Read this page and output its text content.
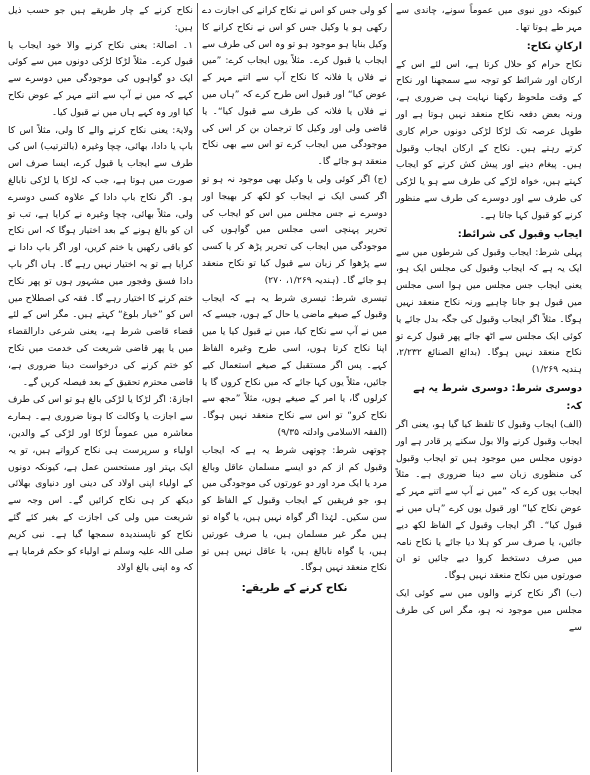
کیونکہ دورِ نبوی میں عموماً سونے، چاندی سے مہر طے ہوتا تھا۔

ارکانِ نکاح:

نکاح حرام کو حلال کرتا ہے، اس لئے اس کے ارکان اور شرائط کو توجہ سے سمجھنا اور نکاح کے وقت ملحوظ رکھنا نہایت ہی ضروری ہے، ورنہ بعض دفعہ نکاح منعقد نہیں ہوتا ہے اور طویل عرصہ تک لڑکا لڑکی دونوں حرام کاری کرتے رہتے ہیں۔ نکاح کے ارکان ایجاب وقبول ہیں۔ پیغام دینے اور پیش کش کرنے کو ایجاب کہتے ہیں، خواہ لڑکے کی طرف سے ہو یا لڑکی کی طرف سے اور دوسرے کی طرف سے منظور کرنے کو قبول کہا جاتا ہے۔

ایجاب وقبول کی شرائط:

پہلی شرط: ایجاب وقبول کی شرطوں میں سے ایک یہ ہے کہ ایجاب وقبول کی مجلس ایک ہو، یعنی ایجاب جس مجلس میں ہوا اسی مجلس میں قبول ہو جانا چاہیے ورنہ نکاح منعقد نہیں ہوگا۔ مثلاً اگر ایجاب وقبول کی جگہ بدل جائے یا کوئی ایک مجلس سے اٹھ جائے پھر قبول کرے تو نکاح منعقد نہیں ہوگا۔ (بدائع الصنائع ۲/۲۳۲، ہندیہ ۱/۲۶۹)

دوسری شرط: دوسری شرط یہ ہے کہ:

(الف) ایجاب وقبول کا تلفظ کیا گیا ہو، یعنی اگر ایجاب وقبول کرنے والا بول سکنے پر قادر ہے اور دونوں مجلس میں موجود ہیں تو ایجاب وقبول کی منظوری زبان سے دینا ضروری ہے۔ مثلاً ایجاب یوں کرے کہ ”میں نے آپ سے اتنے مہر کے عوض نکاح کیا“ اور قبول یوں کرے ”ہاں میں نے قبول کیا“۔ اگر ایجاب وقبول کے الفاظ لکھ دیے جائیں، یا صرف سر کو ہلا دیا جائے یا نکاح نامہ میں صرف دستخط کروا دیے جائیں تو ان صورتوں میں نکاح منعقد نہیں ہوگا۔

(ب) اگر نکاح کرنے والوں میں سے کوئی ایک مجلس میں موجود نہ ہو، مگر اس کی طرف سے

کو ولی جس کو اس نے نکاح کرانے کی اجازت دے رکھی ہو یا وکیل جس کو اس نے نکاح کرانے کا وکیل بنایا ہو موجود ہو تو وہ اس کی طرف سے ایجاب یا قبول کرے۔ مثلاً یوں ایجاب کرے: ”میں نے فلاں یا فلانہ کا نکاح آپ سے اتنے مہر کے عوض کیا“ اور قبول اس طرح کرے کہ ”ہاں میں نے فلاں یا فلانہ کی طرف سے قبول کیا“۔ یا قاضی ولی اور وکیل کا ترجمان بن کر اس کی موجودگی میں ایجاب کرے تو اس سے بھی نکاح منعقد ہو جائے گا۔

(ج) اگر کوئی ولی یا وکیل بھی موجود نہ ہو تو اگر کسی ایک نے ایجاب کو لکھ کر بھیجا اور دوسرے نے جس مجلس میں اس کو ایجاب کی تحریر پہنچی اسی مجلس میں گواہوں کی موجودگی میں ایجاب کی تحریر پڑھ کر یا کسی سے پڑھوا کر زبان سے قبول کیا تو نکاح منعقد ہو جائے گا۔ (ہندیہ ۱/۲۶۹، ۲۷۰)

تیسری شرط: تیسری شرط یہ ہے کہ ایجاب وقبول کے صیغے ماضی یا حال کے ہوں، جیسے کہ میں نے آپ سے نکاح کیا، میں نے قبول کیا یا میں اپنا نکاح کرتا ہوں، اسی طرح وغیرہ الفاظ کہے۔ پس اگر مستقبل کے صیغے استعمال کیے جائیں، مثلاً یوں کہا جائے کہ میں نکاح کروں گا یا کرلوں گا، یا امر کے صیغے ہوں، مثلاً ”مجھ سے نکاح کرو“ تو اس سے نکاح منعقد نہیں ہوگا۔ (الفقہ الاسلامی وادلتہ ۹/۳۵)

چوتھی شرط: چوتھی شرط یہ ہے کہ ایجاب وقبول کم از کم دو ایسے مسلمان عاقل وبالغ مرد یا ایک مرد اور دو عورتوں کی موجودگی میں ہو، جو فریقین کے ایجاب وقبول کے الفاظ کو سن سکیں۔ لہٰذا اگر گواہ نہیں ہیں، یا گواہ تو ہیں مگر غیر مسلمان ہیں، یا صرف عورتیں ہیں، یا گواہ نابالغ ہیں، یا عاقل نہیں ہیں تو نکاح منعقد نہیں ہوگا۔

نکاح کرنے کے طریقے:

نکاح کرنے کے چار طریقے ہیں جو حسب ذیل ہیں:

۱۔ اصالۃ: یعنی نکاح کرنے والا خود ایجاب یا قبول کرے۔ مثلاً لڑکا لڑکی دونوں میں سے کوئی ایک دو گواہوں کی موجودگی میں دوسرے سے کہے کہ میں نے آپ سے اتنے مہر کے عوض نکاح کیا اور وہ کہے ہاں میں نے قبول کیا۔

ولایۃ: یعنی نکاح کرنے والے کا ولی، مثلاً اس کا باپ یا دادا، بھائی، چچا وغیرہ (بالترتیب) اس کی طرف سے ایجاب یا قبول کرے، ایسا صرف اس صورت میں ہوتا ہے، جب کہ لڑکا یا لڑکی نابالغ ہو۔ اگر نکاح باپ دادا کے علاوہ کسی دوسرے ولی، مثلاً بھائی، چچا وغیرہ نے کرایا ہے، تب تو ان کو بالغ ہونے کے بعد اختیار ہوگا کہ اس نکاح کو باقی رکھیں یا ختم کریں، اور اگر باپ دادا نے کرایا ہے تو یہ اختیار نہیں رہے گا۔ ہاں اگر باپ دادا فسق وفجور میں مشہور ہوں تو پھر نکاح ختم کرنے کا اختیار رہے گا۔ فقہ کی اصطلاح میں اس کو ”خیار بلوغ“ کہتے ہیں۔ مگر اس کے لئے قضاء قاضی شرط ہے، یعنی شرعی دارالقضاء میں یا پھر قاضی شریعت کی خدمت میں نکاح کو ختم کرنے کی درخواست دینا ضروری ہے، قاضی محترم تحقیق کے بعد فیصلہ کریں گے۔

اجازۃ: اگر لڑکا یا لڑکی بالغ ہو تو اس کی طرف سے اجازت یا وکالت کا ہونا ضروری ہے۔ ہمارے معاشرہ میں عموماً لڑکا اور لڑکی کے والدین، اولیاء و سرپرست ہی نکاح کرواتے ہیں، تو یہ ایک بہتر اور مستحسن عمل ہے، کیونکہ دونوں کے اولیاء اپنی اولاد کی دینی اور دنیاوی بھلائی دیکھ کر ہی نکاح کرائیں گے۔ اس وجہ سے شریعت میں ولی کی اجازت کے بغیر کئے گئے نکاح کو ناپسندیدہ سمجھا گیا ہے۔ نبی کریم صلی اللہ علیہ وسلم نے اولیاء کو حکم فرمایا ہے کہ وہ اپنی بالغ اولاد
